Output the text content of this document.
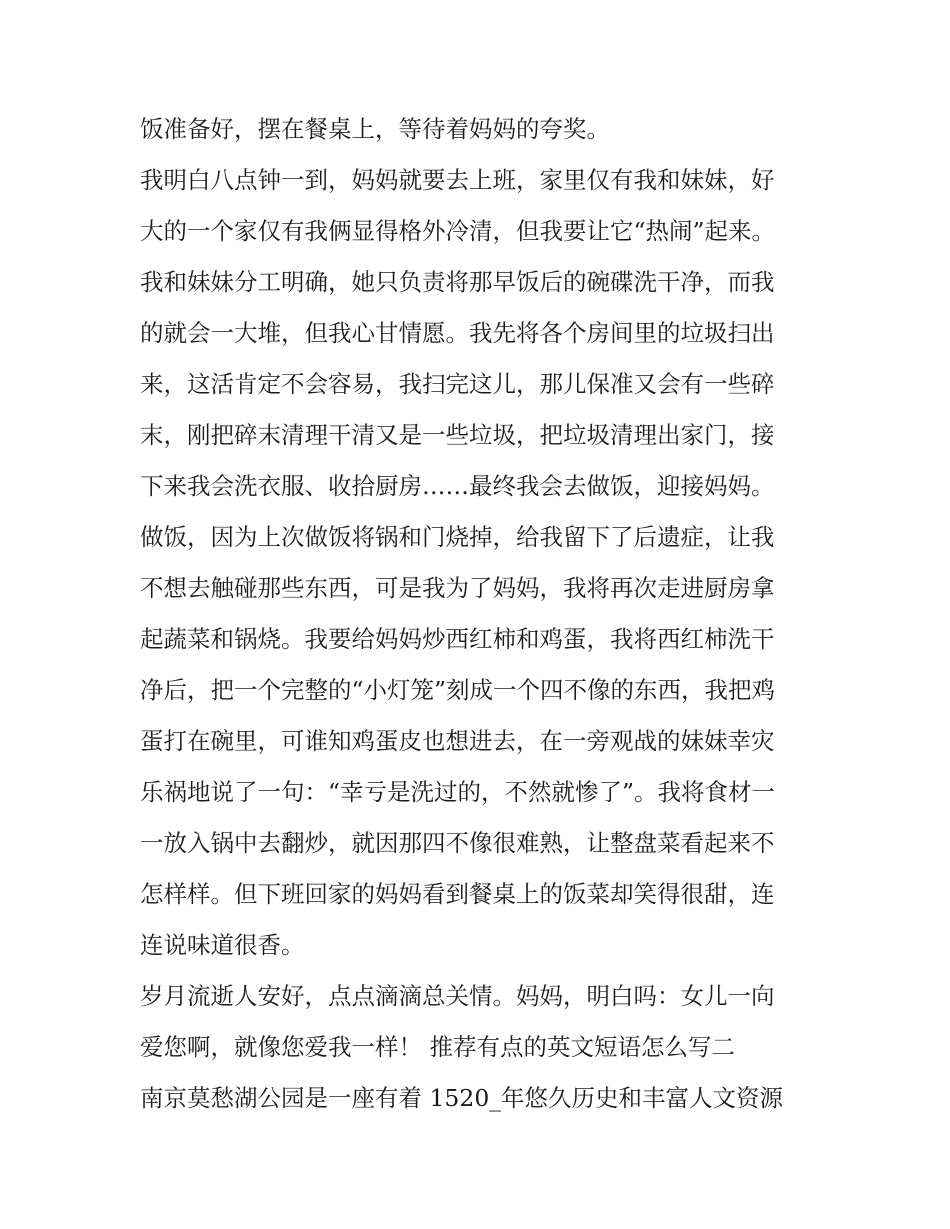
饭准备好，摆在餐桌上，等待着妈妈的夸奖。
我明白八点钟一到，妈妈就要去上班，家里仅有我和妹妹，好
大的一个家仅有我俩显得格外冷清，但我要让它“热闹”起来。
我和妹妹分工明确，她只负责将那早饭后的碗碟洗干净，而我
的就会一大堆，但我心甘情愿。我先将各个房间里的垃圾扫出
来，这活肯定不会容易，我扫完这儿，那儿保准又会有一些碎
末，刚把碎末清理干清又是一些垃圾，把垃圾清理出家门，接
下来我会洗衣服、收拾厨房……最终我会去做饭，迎接妈妈。
做饭，因为上次做饭将锅和门烧掉，给我留下了后遗症，让我
不想去触碰那些东西，可是我为了妈妈，我将再次走进厨房拿
起蔬菜和锅烧。我要给妈妈炒西红柿和鸡蛋，我将西红柿洗干
净后，把一个完整的“小灯笼”刻成一个四不像的东西，我把鸡
蛋打在碗里，可谁知鸡蛋皮也想进去，在一旁观战的妹妹幸灾
乐祸地说了一句：“幸亏是洗过的，不然就惨了”。我将食材一
一放入锅中去翻炒，就因那四不像很难熟，让整盘菜看起来不
怎样样。但下班回家的妈妈看到餐桌上的饭菜却笑得很甜，连
连说味道很香。
岁月流逝人安好，点点滴滴总关情。妈妈，明白吗：女儿一向
爱您啊，就像您爱我一样！ 推荐有点的英文短语怎么写二
南京莫愁湖公园是一座有着 1520_年悠久历史和丰富人文资源
